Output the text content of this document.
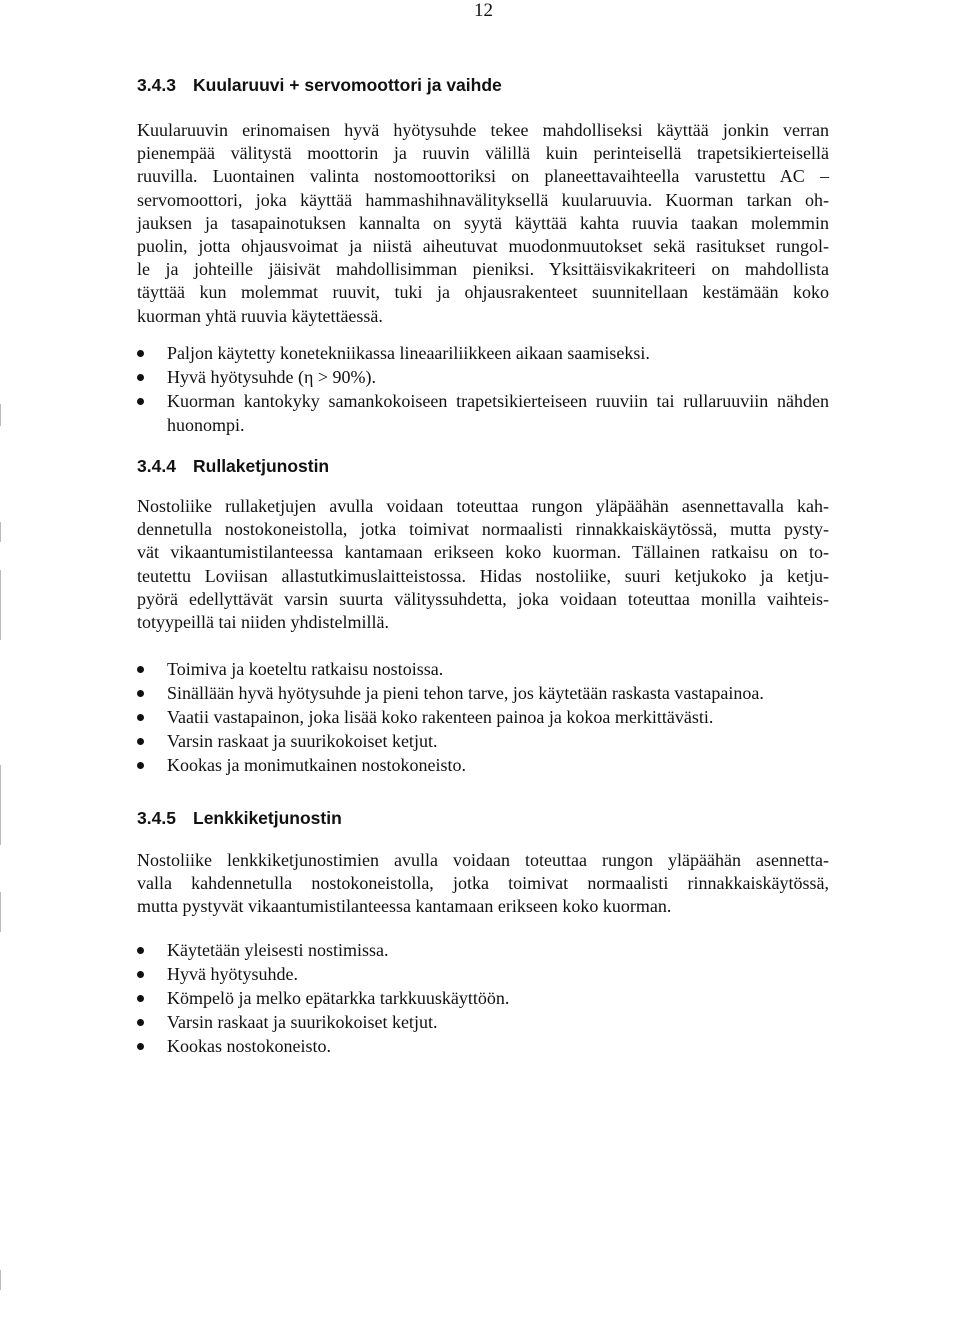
12
3.4.3 Kuularuuvi + servomoottori ja vaihde

Kuularuuvin erinomaisen hyvä hyötysuhde tekee mahdolliseksi käyttää jonkin verran
pienempää välitystä moottorin ja ruuvin välillä kuin perinteisellä trapetsikierteisellä
ruuvilla. Luontainen valinta nostomoottoriksi on planeettavaihteella varustettu AC –
servomoottori, joka käyttää hammashihnavälityksellä kuularuuvia. Kuorman tarkan oh-
jauksen ja tasapainotuksen kannalta on syytä käyttää kahta ruuvia taakan molemmin
puolin, jotta ohjausvoimat ja niistä aiheutuvat muodonmuutokset sekä rasitukset rungol-
le ja johteille jäisivät mahdollisimman pieniksi. Yksittäisvikakriteeri on mahdollista
täyttää kun molemmat ruuvit, tuki ja ohjausrakenteet suunnitellaan kestämään koko
kuorman yhtä ruuvia käytettäessä.

Paljon käytetty konetekniikassa lineaariliikkeen aikaan saamiseksi.
Hyvä hyötysuhde (η > 90%).
Kuorman kantokyky samankokoiseen trapetsikierteiseen ruuviin tai rullaruuviin nähden huonompi.
3.4.4 Rullaketjunostin

Nostoliike rullaketjujen avulla voidaan toteuttaa rungon yläpäähän asennettavalla kah-
dennetulla nostokoneistolla, jotka toimivat normaalisti rinnakkaiskäytössä, mutta pysty-
vät vikaantumistilanteessa kantamaan erikseen koko kuorman. Tällainen ratkaisu on to-
teutettu Loviisan allastutkimuslaitteistossa. Hidas nostoliike, suuri ketjukoko ja ketju-
pyörä edellyttävät varsin suurta välityssuhdetta, joka voidaan toteuttaa monilla vaihteis-
totyypeillä tai niiden yhdistelmillä.

Toimiva ja koeteltu ratkaisu nostoissa.
Sinällään hyvä hyötysuhde ja pieni tehon tarve, jos käytetään raskasta vastapainoa.
Vaatii vastapainon, joka lisää koko rakenteen painoa ja kokoa merkittävästi.
Varsin raskaat ja suurikokoiset ketjut.
Kookas ja monimutkainen nostokoneisto.
3.4.5 Lenkkiketjunostin

Nostoliike lenkkiketjunostimien avulla voidaan toteuttaa rungon yläpäähän asennetta-
valla kahdennetulla nostokoneistolla, jotka toimivat normaalisti rinnakkaiskäytössä,
mutta pystyvät vikaantumistilanteessa kantamaan erikseen koko kuorman.

Käytetään yleisesti nostimissa.
Hyvä hyötysuhde.
Kömpelö ja melko epätarkka tarkkuuskäyttöön.
Varsin raskaat ja suurikokoiset ketjut.
Kookas nostokoneisto.
